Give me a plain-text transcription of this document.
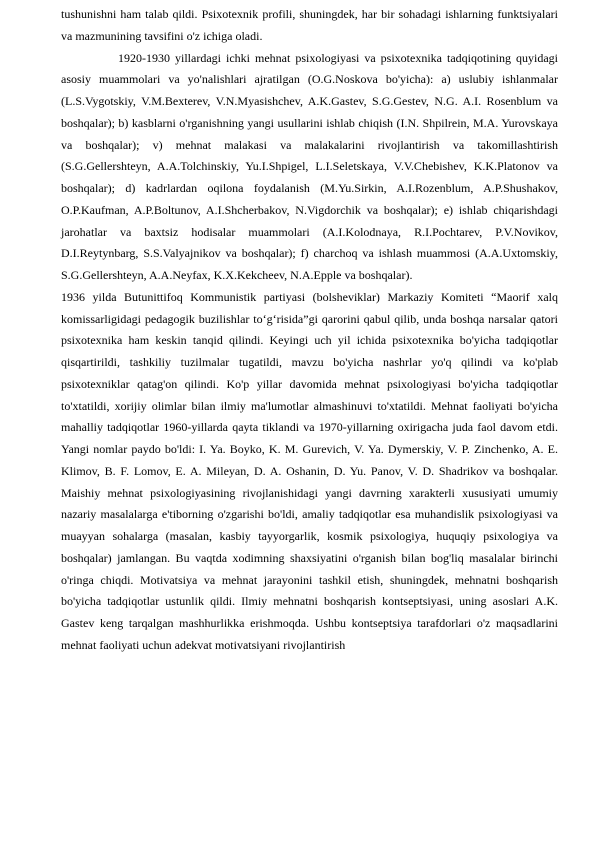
tushunishni ham talab qildi. Psixotexnik profili, shuningdek, har bir sohadagi ishlarning funktsiyalari va mazmunining tavsifini o'z ichiga oladi.

1920-1930 yillardagi ichki mehnat psixologiyasi va psixotexnika tadqiqotining quyidagi asosiy muammolari va yo'nalishlari ajratilgan (O.G.Noskova bo'yicha): a) uslubiy ishlanmalar (L.S.Vygotskiy, V.M.Bexterev, V.N.Myasishchev, A.K.Gastev, S.G.Gestev, N.G. A.I. Rosenblum va boshqalar); b) kasblarni o'rganishning yangi usullarini ishlab chiqish (I.N. Shpilrein, M.A. Yurovskaya va boshqalar); v) mehnat malakasi va malakalarini rivojlantirish va takomillashtirish (S.G.Gellershteyn, A.A.Tolchinskiy, Yu.I.Shpigel, L.I.Seletskaya, V.V.Chebishev, K.K.Platonov va boshqalar); d) kadrlardan oqilona foydalanish (M.Yu.Sirkin, A.I.Rozenblum, A.P.Shushakov, O.P.Kaufman, A.P.Boltunov, A.I.Shcherbakov, N.Vigdorchik va boshqalar); e) ishlab chiqarishdagi jarohatlar va baxtsiz hodisalar muammolari (A.I.Kolodnaya, R.I.Pochtarev, P.V.Novikov, D.I.Reytynbarg, S.S.Valyajnikov va boshqalar); f) charchoq va ishlash muammosi (A.A.Uxtomskiy, S.G.Gellershteyn, A.A.Neyfax, K.X.Kekcheev, N.A.Epple va boshqalar).

1936 yilda Butunittifoq Kommunistik partiyasi (bolsheviklar) Markaziy Komiteti “Maorif xalq komissarligidagi pedagogik buzilishlar to‘g‘risida”gi qarorini qabul qilib, unda boshqa narsalar qatori psixotexnika ham keskin tanqid qilindi. Keyingi uch yil ichida psixotexnika bo'yicha tadqiqotlar qisqartirildi, tashkiliy tuzilmalar tugatildi, mavzu bo'yicha nashrlar yo'q qilindi va ko'plab psixotexniklar qatag'on qilindi. Ko'p yillar davomida mehnat psixologiyasi bo'yicha tadqiqotlar to'xtatildi, xorijiy olimlar bilan ilmiy ma'lumotlar almashinuvi to'xtatildi. Mehnat faoliyati bo'yicha mahalliy tadqiqotlar 1960-yillarda qayta tiklandi va 1970-yillarning oxirigacha juda faol davom etdi. Yangi nomlar paydo bo'ldi: I. Ya. Boyko, K. M. Gurevich, V. Ya. Dymerskiy, V. P. Zinchenko, A. E. Klimov, B. F. Lomov, E. A. Mileyan, D. A. Oshanin, D. Yu. Panov, V. D. Shadrikov va boshqalar. Maishiy mehnat psixologiyasining rivojlanishidagi yangi davrning xarakterli xususiyati umumiy nazariy masalalarga e'tiborning o'zgarishi bo'ldi, amaliy tadqiqotlar esa muhandislik psixologiyasi va muayyan sohalarga (masalan, kasbiy tayyorgarlik, kosmik psixologiya, huquqiy psixologiya va boshqalar) jamlangan. Bu vaqtda xodimning shaxsiyatini o'rganish bilan bog'liq masalalar birinchi o'ringa chiqdi. Motivatsiya va mehnat jarayonini tashkil etish, shuningdek, mehnatni boshqarish bo'yicha tadqiqotlar ustunlik qildi. Ilmiy mehnatni boshqarish kontseptsiyasi, uning asoslari A.K. Gastev keng tarqalgan mashhurlikka erishmoqda. Ushbu kontseptsiya tarafdorlari o'z maqsadlarini mehnat faoliyati uchun adekvat motivatsiyani rivojlantirish
